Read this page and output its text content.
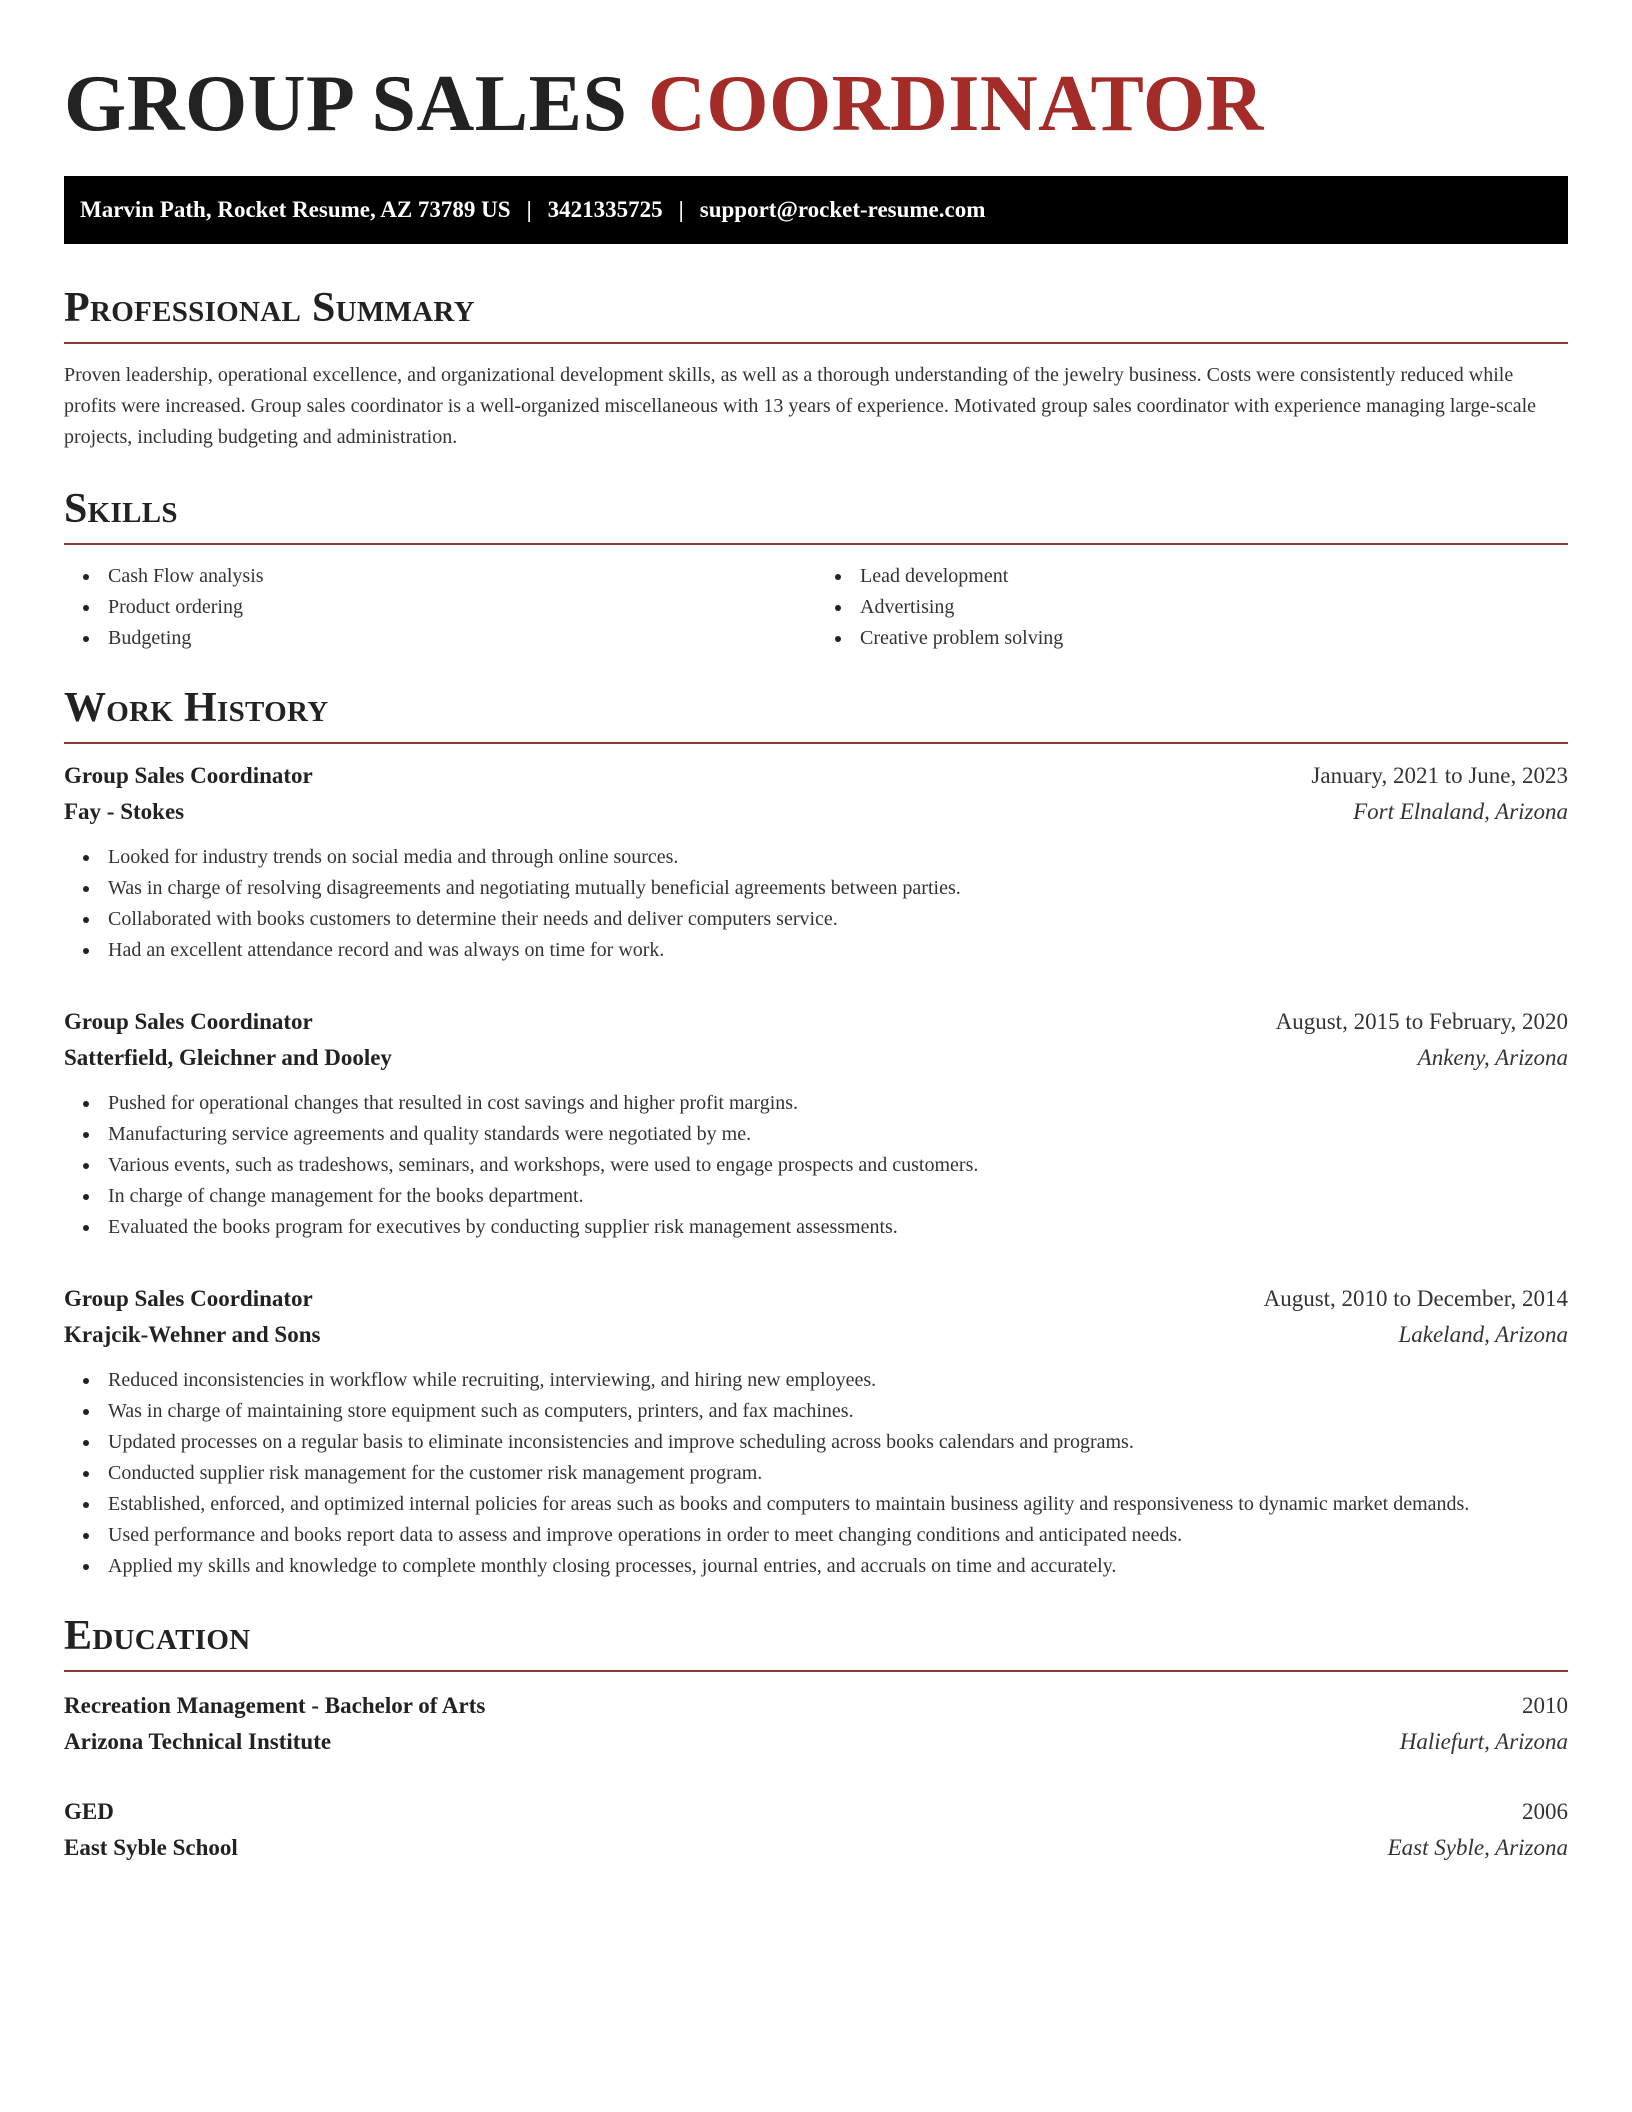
GROUP SALES COORDINATOR
Marvin Path, Rocket Resume, AZ 73789 US | 3421335725 | support@rocket-resume.com
Professional Summary

Proven leadership, operational excellence, and organizational development skills, as well as a thorough understanding of the jewelry business. Costs were consistently reduced while profits were increased. Group sales coordinator is a well-organized miscellaneous with 13 years of experience. Motivated group sales coordinator with experience managing large-scale projects, including budgeting and administration.

Skills
Cash Flow analysis
Product ordering
Budgeting
Lead development
Advertising
Creative problem solving
Work History
Group Sales Coordinator	January, 2021 to June, 2023
Fay - Stokes	Fort Elnaland, Arizona
Looked for industry trends on social media and through online sources.
Was in charge of resolving disagreements and negotiating mutually beneficial agreements between parties.
Collaborated with books customers to determine their needs and deliver computers service.
Had an excellent attendance record and was always on time for work.
Group Sales Coordinator	August, 2015 to February, 2020
Satterfield, Gleichner and Dooley	Ankeny, Arizona
Pushed for operational changes that resulted in cost savings and higher profit margins.
Manufacturing service agreements and quality standards were negotiated by me.
Various events, such as tradeshows, seminars, and workshops, were used to engage prospects and customers.
In charge of change management for the books department.
Evaluated the books program for executives by conducting supplier risk management assessments.
Group Sales Coordinator	August, 2010 to December, 2014
Krajcik-Wehner and Sons	Lakeland, Arizona
Reduced inconsistencies in workflow while recruiting, interviewing, and hiring new employees.
Was in charge of maintaining store equipment such as computers, printers, and fax machines.
Updated processes on a regular basis to eliminate inconsistencies and improve scheduling across books calendars and programs.
Conducted supplier risk management for the customer risk management program.
Established, enforced, and optimized internal policies for areas such as books and computers to maintain business agility and responsiveness to dynamic market demands.
Used performance and books report data to assess and improve operations in order to meet changing conditions and anticipated needs.
Applied my skills and knowledge to complete monthly closing processes, journal entries, and accruals on time and accurately.
Education
Recreation Management - Bachelor of Arts	2010
Arizona Technical Institute	Haliefurt, Arizona
GED	2006
East Syble School	East Syble, Arizona
